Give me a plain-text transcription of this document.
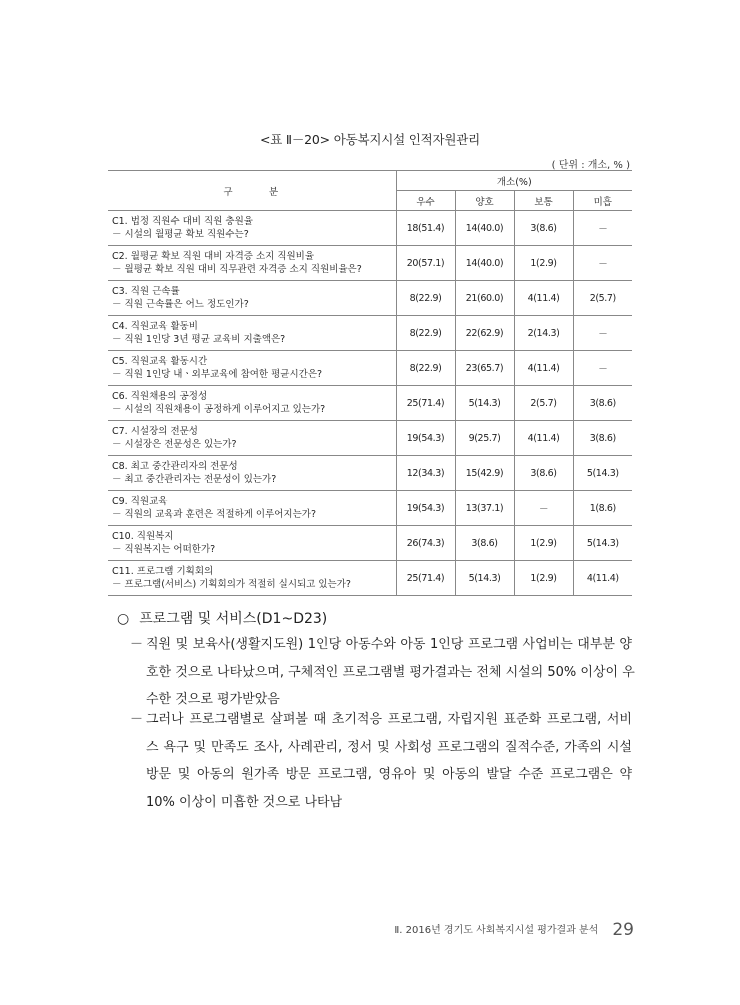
<표 Ⅱ－20> 아동복지시설 인적자원관리
( 단위 : 개소, % )
구　　　분	개소(%)			
	우수	양호	보통	미흡

C1. 법정 직원수 대비 직원 충원율
－ 시설의 월평균 확보 직원수는?	18(51.4)	14(40.0)	3(8.6)	－

C2. 월평균 확보 직원 대비 자격증 소지 직원비율
－ 월평균 확보 직원 대비 직무관련 자격증 소지 직원비율은?	20(57.1)	14(40.0)	1(2.9)	－

C3. 직원 근속률
－ 직원 근속률은 어느 정도인가?	8(22.9)	21(60.0)	4(11.4)	2(5.7)

C4. 직원교육 활동비
－ 직원 1인당 3년 평균 교육비 지출액은?	8(22.9)	22(62.9)	2(14.3)	－

C5. 직원교육 활동시간
－ 직원 1인당 내ㆍ외부교육에 참여한 평균시간은?	8(22.9)	23(65.7)	4(11.4)	－

C6. 직원채용의 공정성
－ 시설의 직원채용이 공정하게 이루어지고 있는가?	25(71.4)	5(14.3)	2(5.7)	3(8.6)

C7. 시설장의 전문성
－ 시설장은 전문성은 있는가?	19(54.3)	9(25.7)	4(11.4)	3(8.6)

C8. 최고 중간관리자의 전문성
－ 최고 중간관리자는 전문성이 있는가?	12(34.3)	15(42.9)	3(8.6)	5(14.3)

C9. 직원교육
－ 직원의 교육과 훈련은 적절하게 이루어지는가?	19(54.3)	13(37.1)	－	1(8.6)

C10. 직원복지
－ 직원복지는 어떠한가?	26(74.3)	3(8.6)	1(2.9)	5(14.3)

C11. 프로그램 기획회의
－ 프로그램(서비스) 기획회의가 적절히 실시되고 있는가?	25(71.4)	5(14.3)	1(2.9)	4(11.4)
○ 프로그램 및 서비스(D1~D23)
－ 직원 및 보육사(생활지도원) 1인당 아동수와 아동 1인당 프로그램 사업비는 대부분 양
호한 것으로 나타났으며, 구체적인 프로그램별 평가결과는 전체 시설의 50% 이상이 우
수한 것으로 평가받았음
－ 그러나 프로그램별로 살펴볼 때 초기적응 프로그램, 자립지원 표준화 프로그램, 서비
스 욕구 및 만족도 조사, 사례관리, 정서 및 사회성 프로그램의 질적수준, 가족의 시설
방문 및 아동의 원가족 방문 프로그램, 영유아 및 아동의 발달 수준 프로그램은 약
10% 이상이 미흡한 것으로 나타남
Ⅱ. 2016년 경기도 사회복지시설 평가결과 분석 29
